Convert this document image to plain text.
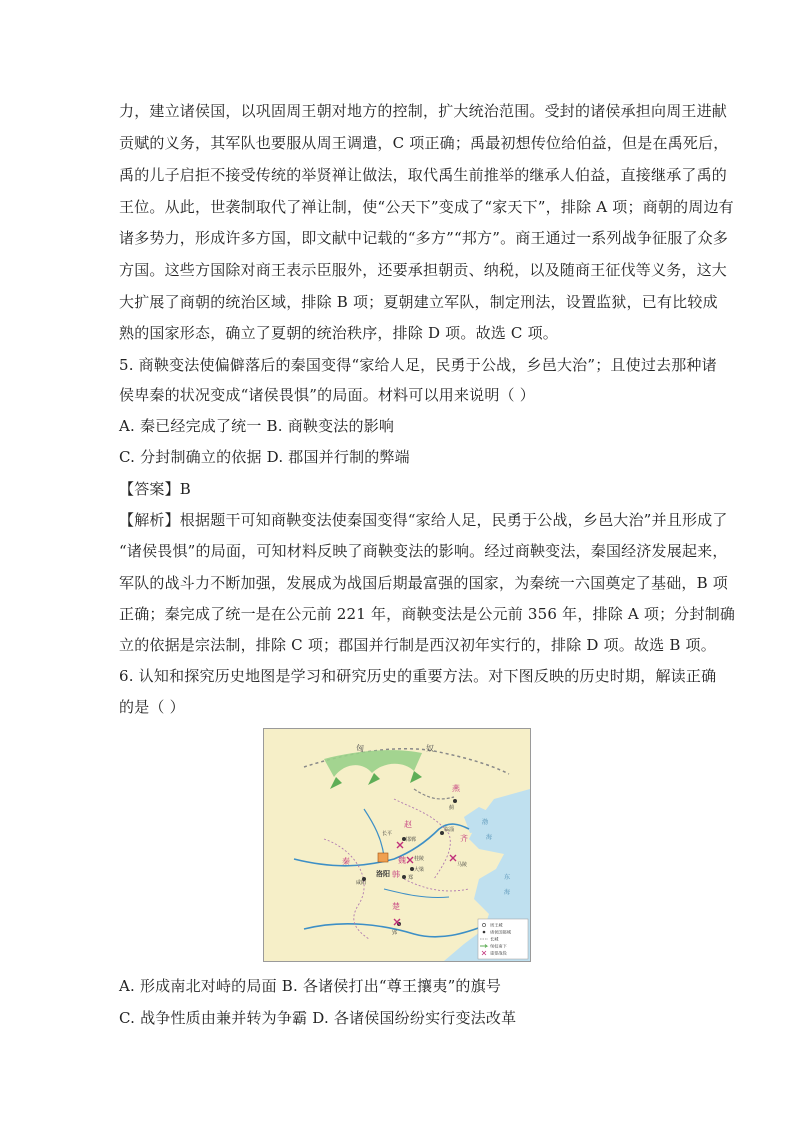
力，建立诸侯国，以巩固周王朝对地方的控制，扩大统治范围。受封的诸侯承担向周王进献
贡赋的义务，其军队也要服从周王调遣，C 项正确；禹最初想传位给伯益，但是在禹死后，
禹的儿子启拒不接受传统的举贤禅让做法，取代禹生前推举的继承人伯益，直接继承了禹的
王位。从此，世袭制取代了禅让制，使“公天下”变成了“家天下”，排除 A 项；商朝的周边有
诸多势力，形成许多方国，即文献中记载的“多方”“邦方”。商王通过一系列战争征服了众多
方国。这些方国除对商王表示臣服外，还要承担朝贡、纳税，以及随商王征伐等义务，这大
大扩展了商朝的统治区域，排除 B 项；夏朝建立军队，制定刑法，设置监狱，已有比较成
熟的国家形态，确立了夏朝的统治秩序，排除 D 项。故选 C 项。
5. 商鞅变法使偏僻落后的秦国变得“家给人足，民勇于公战，乡邑大治”；且使过去那种诸
侯卑秦的状况变成“诸侯畏惧”的局面。材料可以用来说明（ ）
A. 秦已经完成了统一 B. 商鞅变法的影响
C. 分封制确立的依据 D. 郡国并行制的弊端
【答案】B
【解析】根据题干可知商鞅变法使秦国变得“家给人足，民勇于公战，乡邑大治”并且形成了
“诸侯畏惧”的局面，可知材料反映了商鞅变法的影响。经过商鞅变法，秦国经济发展起来，
军队的战斗力不断加强，发展成为战国后期最富强的国家，为秦统一六国奠定了基础，B 项
正确；秦完成了统一是在公元前 221 年，商鞅变法是公元前 356 年，排除 A 项；分封制确
立的依据是宗法制，排除 C 项；郡国并行制是西汉初年实行的，排除 D 项。故选 B 项。
6. 认知和探究历史地图是学习和研究历史的重要方法。对下图反映的历史时期，解读正确
的是（ ）
A. 形成南北对峙的局面 B. 各诸侯打出“尊王攘夷”的旗号
C. 战争性质由兼并转为争霸 D. 各诸侯国纷纷实行变法改革
匈	奴
燕
蓟
赵
邯郸
长平	齐
临淄
马陵
秦
咸阳
魏
大梁
桂陵
韩 郑
洛阳
楚
郢
渤
海
东
海
周王城
诸侯国都城
长城
匈奴南下
重要战役
